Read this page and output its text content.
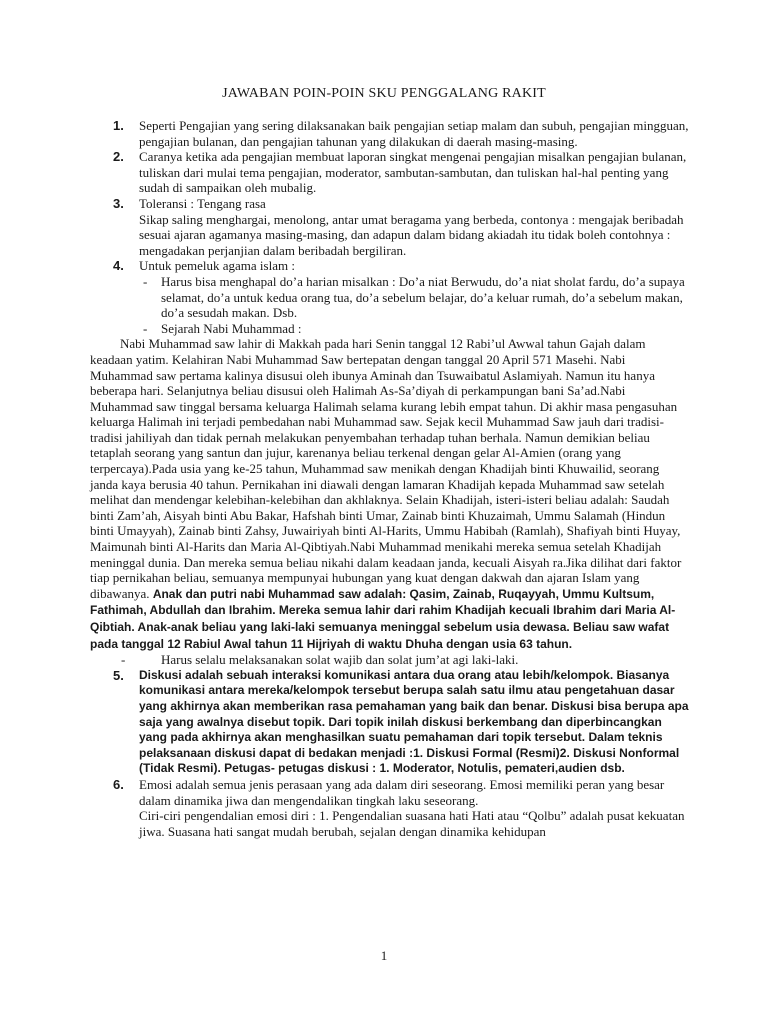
JAWABAN POIN-POIN SKU PENGGALANG RAKIT
1. Seperti Pengajian yang sering dilaksanakan baik pengajian setiap malam dan subuh, pengajian mingguan, pengajian bulanan, dan pengajian tahunan yang dilakukan di daerah masing-masing.

2. Caranya ketika ada pengajian membuat laporan singkat mengenai pengajian misalkan pengajian bulanan, tuliskan dari mulai tema pengajian, moderator, sambutan-sambutan, dan tuliskan hal-hal penting yang sudah di sampaikan oleh mubalig.

3. Toleransi : Tengang rasa

Sikap saling menghargai, menolong, antar umat beragama yang berbeda, contonya : mengajak beribadah sesuai ajaran agamanya masing-masing, dan adapun dalam bidang akiadah itu tidak boleh contohnya : mengadakan perjanjian dalam beribadah bergiliran.

4. Untuk pemeluk agama islam :

- Harus bisa menghapal do’a harian misalkan : Do’a niat Berwudu, do’a niat sholat fardu, do’a supaya selamat, do’a untuk kedua orang tua, do’a sebelum belajar, do’a keluar rumah, do’a sebelum makan, do’a sesudah makan. Dsb.

- Sejarah Nabi Muhammad :

Nabi Muhammad saw lahir di Makkah pada hari Senin tanggal 12 Rabi’ul Awwal tahun Gajah dalam keadaan yatim. Kelahiran Nabi Muhammad Saw bertepatan dengan tanggal 20 April 571 Masehi. Nabi Muhammad saw pertama kalinya disusui oleh ibunya Aminah dan Tsuwaibatul Aslamiyah. Namun itu hanya beberapa hari. Selanjutnya beliau disusui oleh Halimah As-Sa’diyah di perkampungan bani Sa’ad.Nabi Muhammad saw tinggal bersama keluarga Halimah selama kurang lebih empat tahun. Di akhir masa pengasuhan keluarga Halimah ini terjadi pembedahan nabi Muhammad saw. Sejak kecil Muhammad Saw jauh dari tradisi-tradisi jahiliyah dan tidak pernah melakukan penyembahan terhadap tuhan berhala. Namun demikian beliau tetaplah seorang yang santun dan jujur, karenanya beliau terkenal dengan gelar Al-Amien (orang yang terpercaya).Pada usia yang ke-25 tahun, Muhammad saw menikah dengan Khadijah binti Khuwailid, seorang janda kaya berusia 40 tahun. Pernikahan ini diawali dengan lamaran Khadijah kepada Muhammad saw setelah melihat dan mendengar kelebihan-kelebihan dan akhlaknya. Selain Khadijah, isteri-isteri beliau adalah: Saudah binti Zam’ah, Aisyah binti Abu Bakar, Hafshah binti Umar, Zainab binti Khuzaimah, Ummu Salamah (Hindun binti Umayyah), Zainab binti Zahsy, Juwairiyah binti Al-Harits, Ummu Habibah (Ramlah), Shafiyah binti Huyay, Maimunah binti Al-Harits dan Maria Al-Qibtiyah.Nabi Muhammad menikahi mereka semua setelah Khadijah meninggal dunia. Dan mereka semua beliau nikahi dalam keadaan janda, kecuali Aisyah ra.Jika dilihat dari faktor tiap pernikahan beliau, semuanya mempunyai hubungan yang kuat dengan dakwah dan ajaran Islam yang dibawanya. Anak dan putri nabi Muhammad saw adalah: Qasim, Zainab, Ruqayyah, Ummu Kultsum, Fathimah, Abdullah dan Ibrahim. Mereka semua lahir dari rahim Khadijah kecuali Ibrahim dari Maria Al-Qibtiah. Anak-anak beliau yang laki-laki semuanya meninggal sebelum usia dewasa. Beliau saw wafat pada tanggal 12 Rabiul Awal tahun 11 Hijriyah di waktu Dhuha dengan usia 63 tahun.

-	Harus selalu melaksanakan solat wajib dan solat jum’at agi laki-laki.

5. Diskusi adalah sebuah interaksi komunikasi antara dua orang atau lebih/kelompok. Biasanya komunikasi antara mereka/kelompok tersebut berupa salah satu ilmu atau pengetahuan dasar yang akhirnya akan memberikan rasa pemahaman yang baik dan benar. Diskusi bisa berupa apa saja yang awalnya disebut topik. Dari topik inilah diskusi berkembang dan diperbincangkan yang pada akhirnya akan menghasilkan suatu pemahaman dari topik tersebut. Dalam teknis pelaksanaan diskusi dapat di bedakan menjadi :1. Diskusi Formal (Resmi)2. Diskusi Nonformal (Tidak Resmi). Petugas- petugas diskusi : 1. Moderator, Notulis, pemateri,audien dsb.

6. Emosi adalah semua jenis perasaan yang ada dalam diri seseorang. Emosi memiliki peran yang besar dalam dinamika jiwa dan mengendalikan tingkah laku seseorang.

Ciri-ciri pengendalian emosi diri : 1. Pengendalian suasana hati Hati atau “Qolbu” adalah pusat kekuatan jiwa. Suasana hati sangat mudah berubah, sejalan dengan dinamika kehidupan

1
